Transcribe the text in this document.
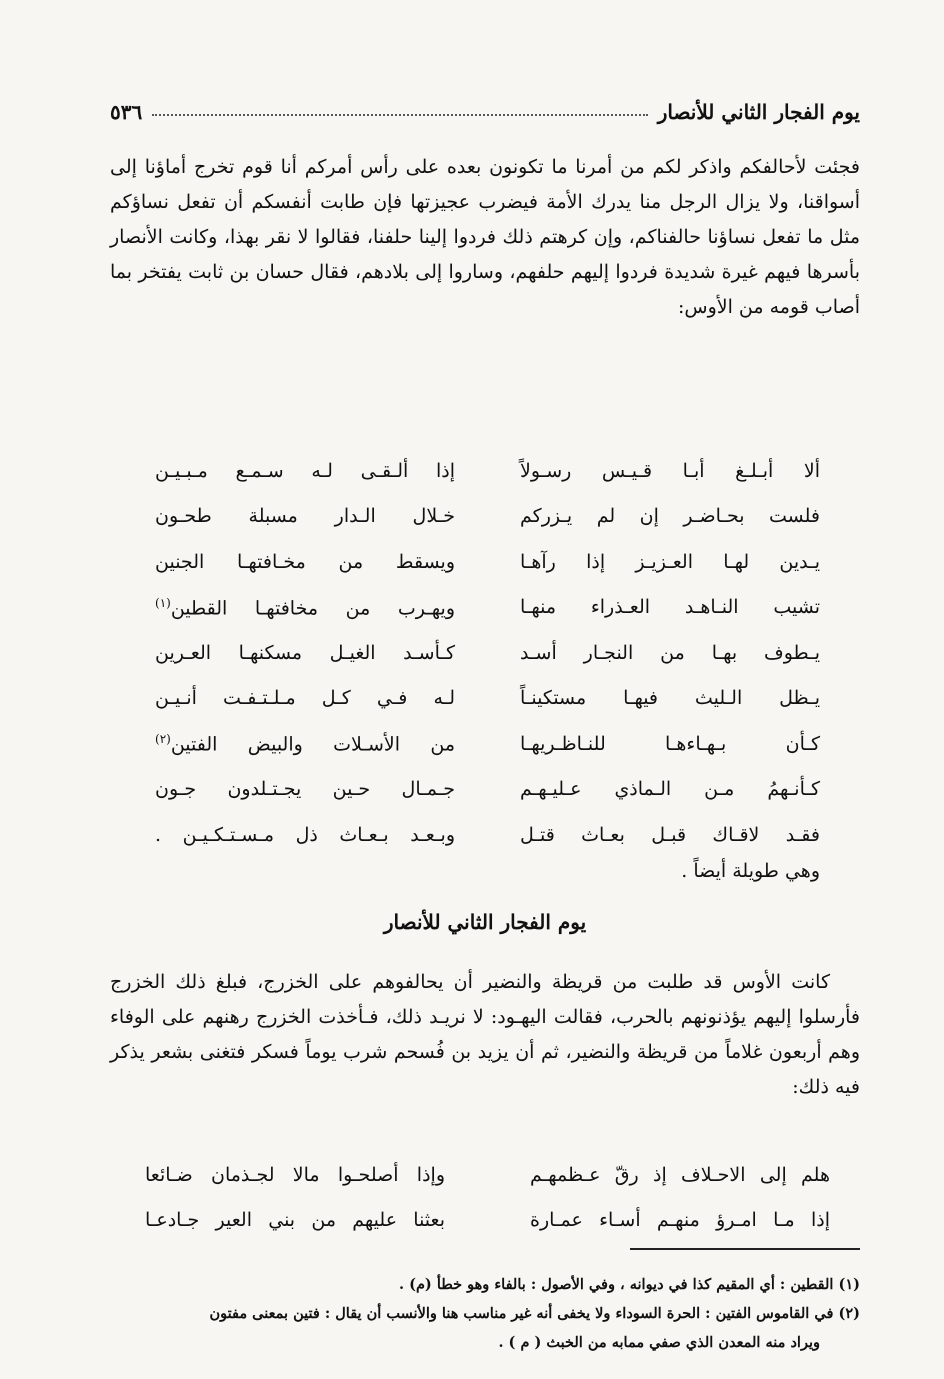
يوم الفجار الثاني للأنصار
٥٣٦

فجئت لأحالفكم واذكر لكم من أمرنا ما تكونون بعده على رأس أمركم أنا قوم تخرج أماؤنا إلى أسواقنا، ولا يزال الرجل منا يدرك الأمة فيضرب عجيزتها فإن طابت أنفسكم أن تفعل نساؤكم مثل ما تفعل نساؤنا حالفناكم، وإن كرهتم ذلك فردوا إلينا حلفنا، فقالوا لا نقر بهذا، وكانت الأنصار بأسرها فيهم غيرة شديدة فردوا إليهم حلفهم، وساروا إلى بلادهم، فقال حسان بن ثابت يفتخر بما أصاب قومه من الأوس:

ألا أبـلـغ أبـا قـيـس رسـولاً
إذا ألـقـى لـه سـمـع مـبـيـن
فلست بحـاضـر إن لم يـزركم
خـلال الـدار مسبلة طحـون
يـدين لهـا العـزيـز إذا رآهـا
ويسقط من مخـافتهـا الجنين
تشيب النـاهـد العـذراء منهـا
ويهـرب من مخافتهـا القطين$^{(١)}$
يـطوف بهـا من النجـار أسـد
كـأسـد الغيـل مسكنهـا العـرين
يـظل الـليث فيهـا مستكينـاً
لـه فـي كـل مـلـتـفـت أنـيـن
كـأن بـهـاءهـا للنـاظـريهـا
من الأسـلات والبيض الفتين$^{(٢)}$
كـأنـهمُ مـن الـماذي عـليـهـم
جـمـال حـين يجـتـلدون جـون
فقـد لاقـاك قبـل بعـاث قتـل
وبـعـد بـعـاث ذل مـسـتـكـيـن .
وهي طويلة أيضاً .
يوم الفجار الثاني للأنصار

كانت الأوس قد طلبت من قريظة والنضير أن يحالفوهم على الخزرج، فبلغ ذلك الخزرج فأرسلوا إليهم يؤذنونهم بالحرب، فقالت اليهـود: لا نريـد ذلك، فـأخذت الخزرج رهنهم على الوفاء وهم أربعون غلاماً من قريظة والنضير، ثم أن يزيد بن فُسحم شرب يوماً فسكر فتغنى بشعر يذكر فيه ذلك:

هلم إلى الاحـلاف إذ رقّ عـظمهـم
وإذا أصلحـوا مالا لجـذمان ضـائعا
إذا مـا امـرؤ منهـم أسـاء عمـارة
بعثنا عليهم من بني العير جـادعـا

(١) القطين : أي المقيم كذا في ديوانه ، وفي الأصول : بالفاء وهو خطأ (م) .

(٢) في القاموس الفتين : الحرة السوداء ولا يخفى أنه غير مناسب هنا والأنسب أن يقال : فتين بمعنى مفتون

ويراد منه المعدن الذي صفي ممابه من الخبث ( م ) .
